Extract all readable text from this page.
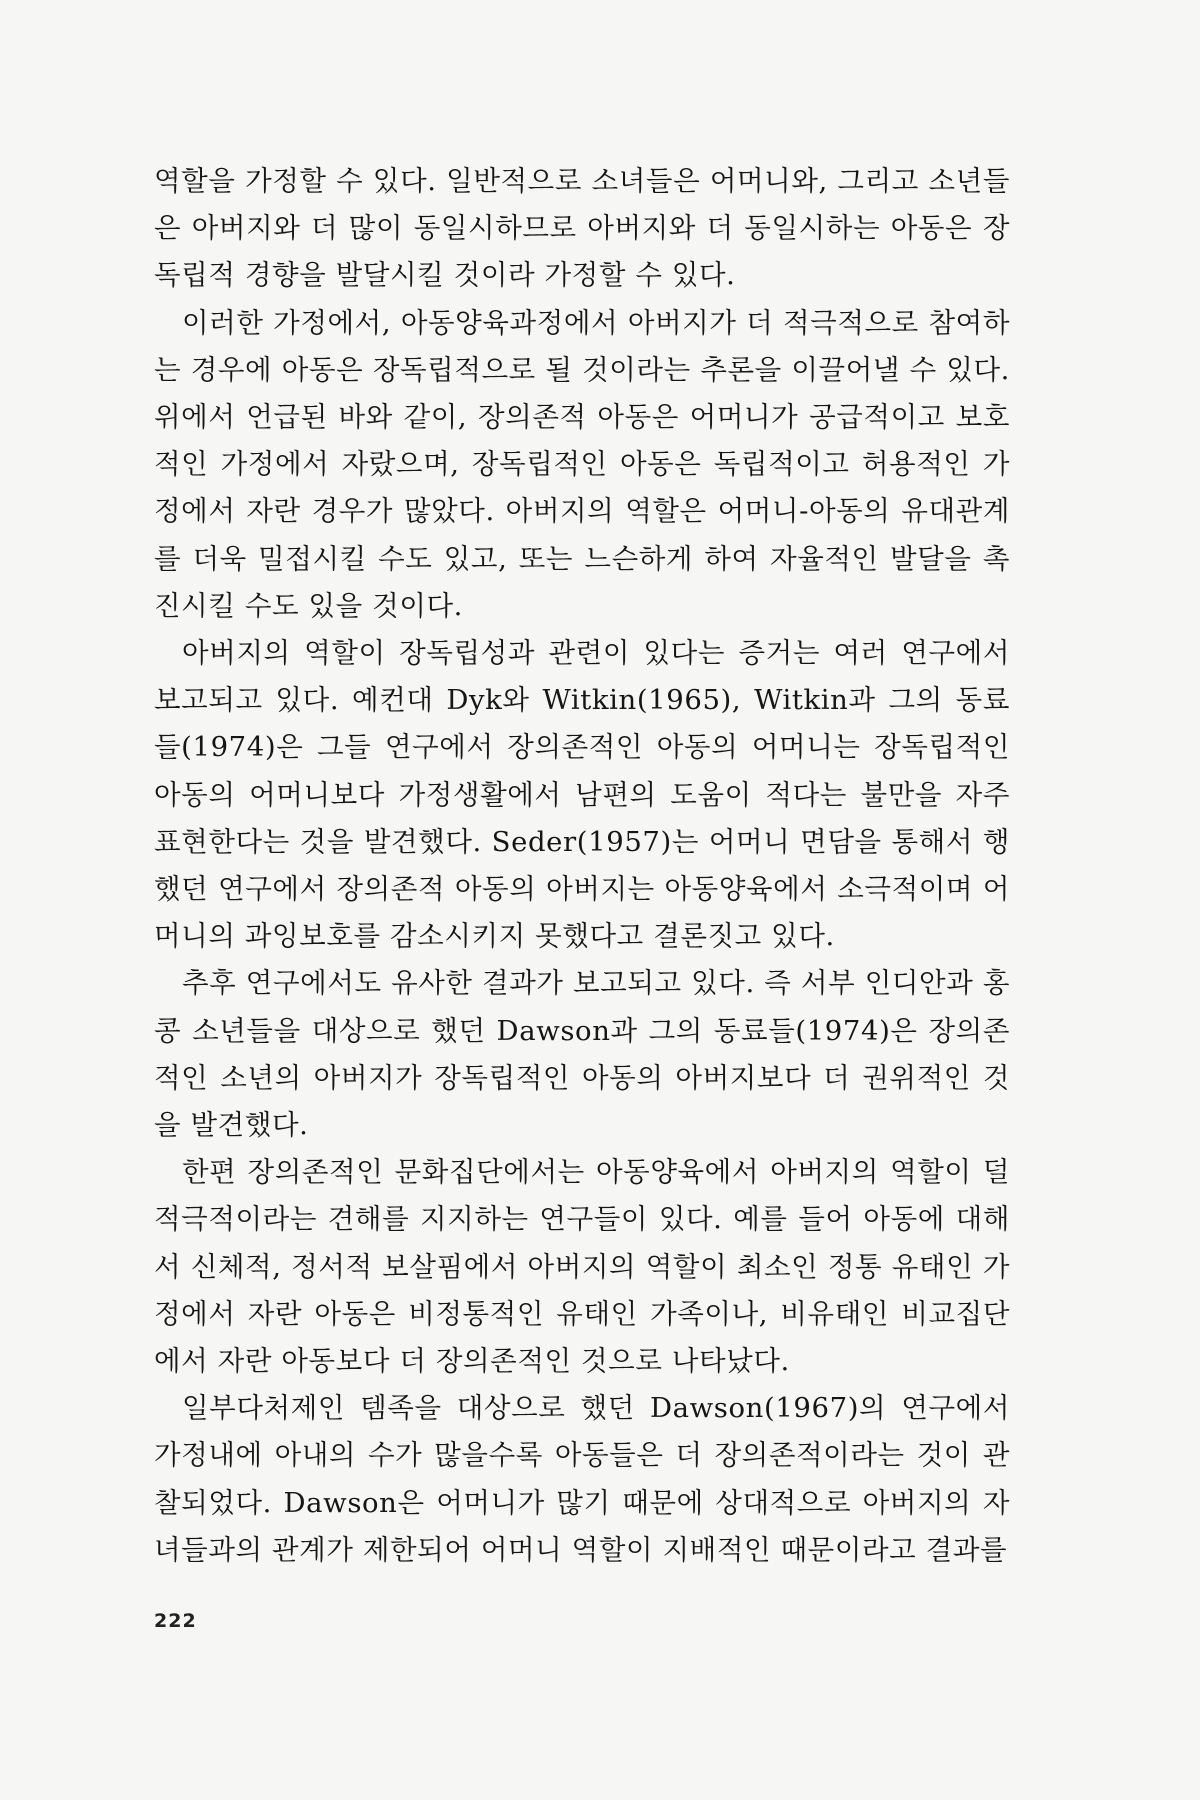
역할을 가정할 수 있다. 일반적으로 소녀들은 어머니와, 그리고 소년들은 아버지와 더 많이 동일시하므로 아버지와 더 동일시하는 아동은 장독립적 경향을 발달시킬 것이라 가정할 수 있다.

이러한 가정에서, 아동양육과정에서 아버지가 더 적극적으로 참여하는 경우에 아동은 장독립적으로 될 것이라는 추론을 이끌어낼 수 있다. 위에서 언급된 바와 같이, 장의존적 아동은 어머니가 공급적이고 보호적인 가정에서 자랐으며, 장독립적인 아동은 독립적이고 허용적인 가정에서 자란 경우가 많았다. 아버지의 역할은 어머니-아동의 유대관계를 더욱 밀접시킬 수도 있고, 또는 느슨하게 하여 자율적인 발달을 촉진시킬 수도 있을 것이다.

아버지의 역할이 장독립성과 관련이 있다는 증거는 여러 연구에서 보고되고 있다. 예컨대 Dyk와 Witkin(1965), Witkin과 그의 동료들(1974)은 그들 연구에서 장의존적인 아동의 어머니는 장독립적인 아동의 어머니보다 가정생활에서 남편의 도움이 적다는 불만을 자주 표현한다는 것을 발견했다. Seder(1957)는 어머니 면담을 통해서 행했던 연구에서 장의존적 아동의 아버지는 아동양육에서 소극적이며 어머니의 과잉보호를 감소시키지 못했다고 결론짓고 있다.

추후 연구에서도 유사한 결과가 보고되고 있다. 즉 서부 인디안과 홍콩 소년들을 대상으로 했던 Dawson과 그의 동료들(1974)은 장의존적인 소년의 아버지가 장독립적인 아동의 아버지보다 더 권위적인 것을 발견했다.

한편 장의존적인 문화집단에서는 아동양육에서 아버지의 역할이 덜 적극적이라는 견해를 지지하는 연구들이 있다. 예를 들어 아동에 대해서 신체적, 정서적 보살핌에서 아버지의 역할이 최소인 정통 유태인 가정에서 자란 아동은 비정통적인 유태인 가족이나, 비유태인 비교집단에서 자란 아동보다 더 장의존적인 것으로 나타났다.

일부다처제인 템족을 대상으로 했던 Dawson(1967)의 연구에서 가정내에 아내의 수가 많을수록 아동들은 더 장의존적이라는 것이 관찰되었다. Dawson은 어머니가 많기 때문에 상대적으로 아버지의 자녀들과의 관계가 제한되어 어머니 역할이 지배적인 때문이라고 결과를

222
